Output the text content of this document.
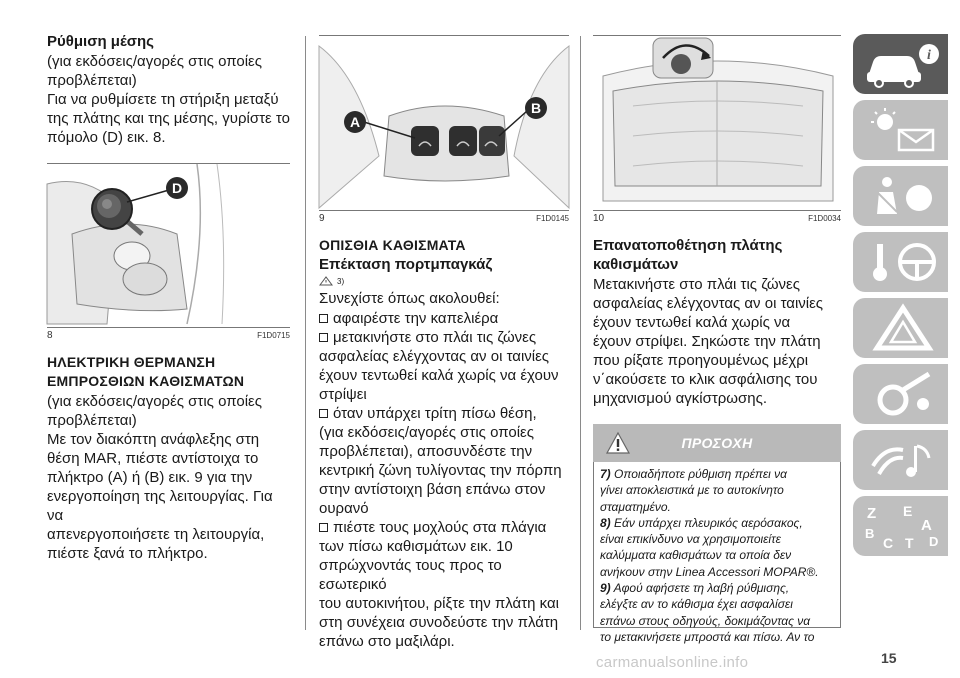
Ρύθμιση μέσης
(για εκδόσεις/αγορές στις οποίες
προβλέπεται)
Για να ρυθμίσετε τη στήριξη μεταξύ
της πλάτης και της μέσης, γυρίστε το
πόμολο (D) εικ. 8.
D
8	F1D0715
ΗΛΕΚΤΡΙΚΗ ΘΕΡΜΑΝΣΗ
ΕΜΠΡΟΣΘΙΩΝ ΚΑΘΙΣΜΑΤΩΝ
(για εκδόσεις/αγορές στις οποίες
προβλέπεται)
Με τον διακόπτη ανάφλεξης στη
θέση MAR, πιέστε αντίστοιχα το
πλήκτρο (A) ή (B) εικ. 9 για την
ενεργοποίηση της λειτουργίας. Για να
απενεργοποιήσετε τη λειτουργία,
πιέστε ξανά το πλήκτρο.
A
B
9	F1D0145
ΟΠΙΣΘΙΑ ΚΑΘΙΣΜΑΤΑ
Επέκταση πορτμπαγκάζ
3)
Συνεχίστε όπως ακολουθεί:
αφαιρέστε την καπελιέρα
μετακινήστε στο πλάι τις ζώνες
ασφαλείας ελέγχοντας αν οι ταινίες
έχουν τεντωθεί καλά χωρίς να έχουν
στρίψει
όταν υπάρχει τρίτη πίσω θέση,
(για εκδόσεις/αγορές στις οποίες
προβλέπεται), αποσυνδέστε την
κεντρική ζώνη τυλίγοντας την πόρπη
στην αντίστοιχη βάση επάνω στον
ουρανό
πιέστε τους μοχλούς στα πλάγια
των πίσω καθισμάτων εικ. 10
σπρώχνοντάς τους προς το εσωτερικό
του αυτοκινήτου, ρίξτε την πλάτη και
στη συνέχεια συνοδεύστε την πλάτη
επάνω στο μαξιλάρι.
10	F1D0034
Επανατοποθέτηση πλάτης
καθισμάτων
Μετακινήστε στο πλάι τις ζώνες
ασφαλείας ελέγχοντας αν οι ταινίες
έχουν τεντωθεί καλά χωρίς να
έχουν στρίψει. Σηκώστε την πλάτη
που ρίξατε προηγουμένως μέχρι
ν΄ακούσετε το κλικ ασφάλισης του
μηχανισμού αγκίστρωσης.
ΠΡΟΣΟΧΗ

7) Οποιαδήποτε ρύθμιση πρέπει να

γίνει αποκλειστικά με το αυτοκίνητο

σταματημένο.

8) Εάν υπάρχει πλευρικός αερόσακος,

είναι επικίνδυνο να χρησιμοποιείτε

καλύμματα καθισμάτων τα οποία δεν

ανήκουν στην Linea Accessori MOPAR®.

9) Αφού αφήσετε τη λαβή ρύθμισης,

ελέγξτε αν το κάθισμα έχει ασφαλίσει

επάνω στους οδηγούς, δοκιμάζοντας να

το μετακινήσετε μπροστά και πίσω. Αν το

i
Z E
A
B
C T D
15
carmanualsonline.info
